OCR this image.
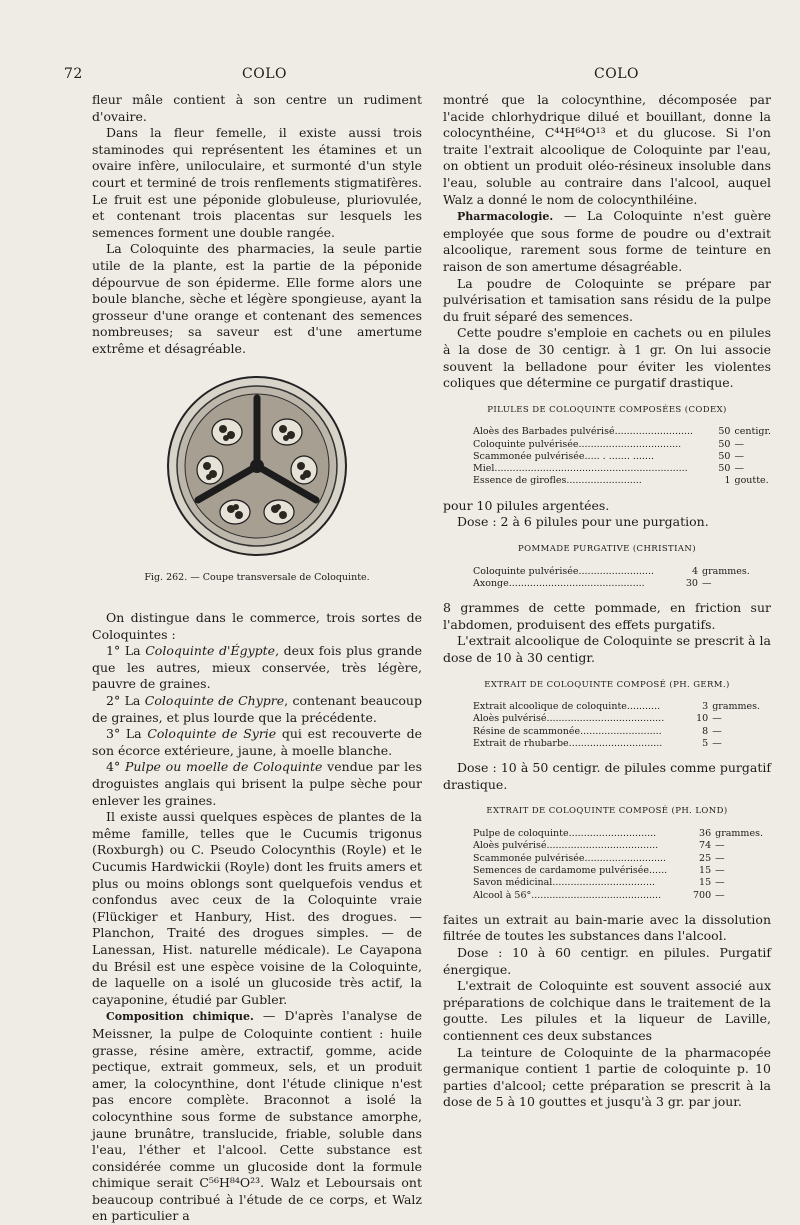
72	COLO	COLO

fleur mâle contient à son centre un rudiment d'ovaire.

Dans la fleur femelle, il existe aussi trois staminodes qui représentent les étamines et un ovaire infère, uniloculaire, et surmonté d'un style court et terminé de trois renflements stigmatifères. Le fruit est une péponide globuleuse, pluriovulée, et contenant trois placentas sur lesquels les semences forment une double rangée.

La Coloquinte des pharmacies, la seule partie utile de la plante, est la partie de la péponide dépourvue de son épiderme. Elle forme alors une boule blanche, sèche et légère spongieuse, ayant la grosseur d'une orange et contenant des semences nombreuses; sa saveur est d'une amertume extrême et désagréable.

Fig. 262. — Coupe transversale de Coloquinte.

On distingue dans le commerce, trois sortes de Coloquintes :

1° La Coloquinte d'Égypte, deux fois plus grande que les autres, mieux conservée, très légère, pauvre de graines.

2° La Coloquinte de Chypre, contenant beaucoup de graines, et plus lourde que la précédente.

3° La Coloquinte de Syrie qui est recouverte de son écorce extérieure, jaune, à moelle blanche.

4° Pulpe ou moelle de Coloquinte vendue par les droguistes anglais qui brisent la pulpe sèche pour enlever les graines.

Il existe aussi quelques espèces de plantes de la même famille, telles que le Cucumis trigonus (Roxburgh) ou C. Pseudo Colocynthis (Royle) et le Cucumis Hardwickii (Royle) dont les fruits amers et plus ou moins oblongs sont quelquefois vendus et confondus avec ceux de la Coloquinte vraie (Flückiger et Hanbury, Hist. des drogues. — Planchon, Traité des drogues simples. — de Lanessan, Hist. naturelle médicale). Le Cayapona du Brésil est une espèce voisine de la Coloquinte, de laquelle on a isolé un glucoside très actif, la cayaponine, étudié par Gubler.

Composition chimique. — D'après l'analyse de Meissner, la pulpe de Coloquinte contient : huile grasse, résine amère, extractif, gomme, acide pectique, extrait gommeux, sels, et un produit amer, la colocynthine, dont l'étude clinique n'est pas encore complète. Braconnot a isolé la colocynthine sous forme de substance amorphe, jaune brunâtre, translucide, friable, soluble dans l'eau, l'éther et l'alcool. Cette substance est considérée comme un glucoside dont la formule chimique serait C⁵⁶H⁸⁴O²³. Walz et Leboursais ont beaucoup contribué à l'étude de ce corps, et Walz en particulier a

montré que la colocynthine, décomposée par l'acide chlorhydrique dilué et bouillant, donne la colocynthéine, C⁴⁴H⁶⁴O¹³ et du glucose. Si l'on traite l'extrait alcoolique de Coloquinte par l'eau, on obtient un produit oléo-résineux insoluble dans l'eau, soluble au contraire dans l'alcool, auquel Walz a donné le nom de colocynthiléine.

Pharmacologie. — La Coloquinte n'est guère employée que sous forme de poudre ou d'extrait alcoolique, rarement sous forme de teinture en raison de son amertume désagréable.

La poudre de Coloquinte se prépare par pulvérisation et tamisation sans résidu de la pulpe du fruit séparé des semences.

Cette poudre s'emploie en cachets ou en pilules à la dose de 30 centigr. à 1 gr. On lui associe souvent la belladone pour éviter les violentes coliques que détermine ce purgatif drastique.

PILULES DE COLOQUINTE COMPOSÉES (CODEX)
Aloès des Barbades pulvérisé..........................	50	centigr.
Coloquinte pulvérisée..................................	50	—
Scammonée pulvérisée..... . ....... .......	50	—
Miel................................................................	50	—
Essence de girofles.........................	1	goutte.

pour 10 pilules argentées.

Dose : 2 à 6 pilules pour une purgation.

POMMADE PURGATIVE (CHRISTIAN)
Coloquinte pulvérisée.........................	4	grammes.
Axonge.............................................	30	—

8 grammes de cette pommade, en friction sur l'abdomen, produisent des effets purgatifs.

L'extrait alcoolique de Coloquinte se prescrit à la dose de 10 à 30 centigr.

EXTRAIT DE COLOQUINTE COMPOSÉ (PH. GERM.)
Extrait alcoolique de coloquinte...........	3	grammes.
Aloès pulvérisé.......................................	10	—
Résine de scammonée...........................	8	—
Extrait de rhubarbe...............................	5	—

Dose : 10 à 50 centigr. de pilules comme purgatif drastique.

EXTRAIT DE COLOQUINTE COMPOSÉ (PH. LOND)
Pulpe de coloquinte.............................	36	grammes.
Aloès pulvérisé.....................................	74	—
Scammonée pulvérisée...........................	25	—
Semences de cardamome pulvérisée......	15	—
Savon médicinal..................................	15	—
Alcool à 56°...........................................	700	—

faites un extrait au bain-marie avec la dissolution filtrée de toutes les substances dans l'alcool.

Dose : 10 à 60 centigr. en pilules. Purgatif énergique.

L'extrait de Coloquinte est souvent associé aux préparations de colchique dans le traitement de la goutte. Les pilules et la liqueur de Laville, contiennent ces deux substances

La teinture de Coloquinte de la pharmacopée germanique contient 1 partie de coloquinte p. 10 parties d'alcool; cette préparation se prescrit à la dose de 5 à 10 gouttes et jusqu'à 3 gr. par jour.
